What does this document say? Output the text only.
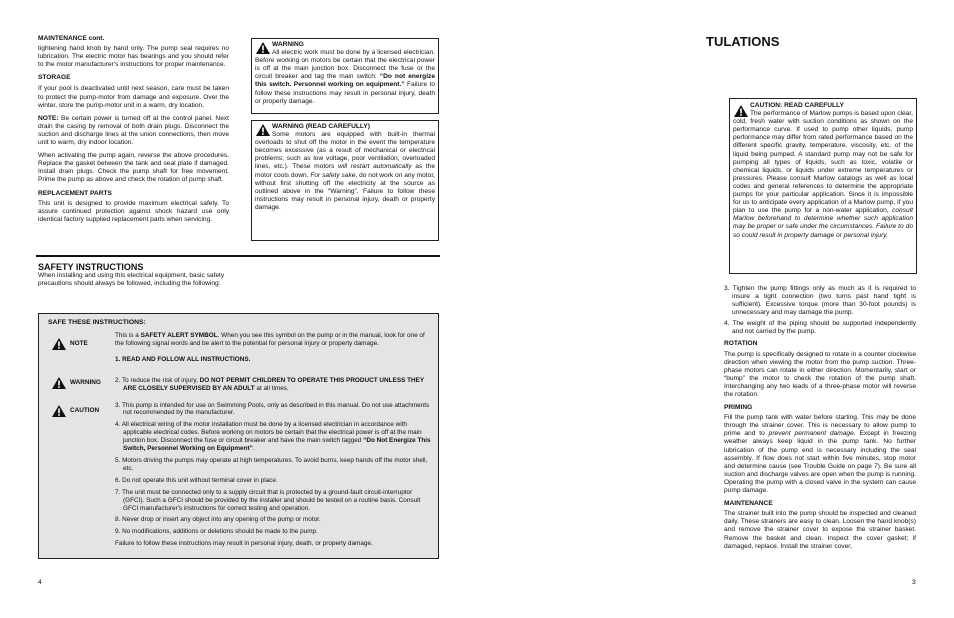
MAINTENANCE cont.

tightening hand knob by hand only. The pump seal requires no lubrication. The electric motor has bearings and you should refer to the motor manufacturer's instructions for proper maintenance.

STORAGE

If your pool is deactivated until next season, care must be taken to protect the pump-motor from damage and exposure. Over the winter, store the pump-motor unit in a warm, dry location.

NOTE: Be certain power is turned off at the control panel. Next drain the casing by removal of both drain plugs. Disconnect the suction and discharge lines at the union connections, then move unit to warm, dry indoor location.

When activating the pump again, reverse the above procedures. Replace the gasket between the tank and seal plate if damaged. Install drain plugs. Check the pump shaft for free movement. Prime the pump as above and check the rotation of pump shaft.

REPLACEMENT PARTS

This unit is designed to provide maximum electrical safety. To assure continued protection against shock hazard use only identical factory supplied replacement parts when servicing.

WARNING

All electric work must be done by a licensed electrician. Before working on motors be certain that the electrical power is off at the main junction box. Disconnect the fuse or the circuit breaker and tag the main switch: “Do not energize this switch. Personnel working on equipment.” Failure to follow these instructions may result in personal injury, death or property damage.

WARNING (READ CAREFULLY)

Some motors are equipped with built-in thermal overloads to shut off the motor in the event the temperature becomes excessive (as a result of mechanical or electrical problems; such as low voltage, poor ventilation, overloaded lines, etc.). These motors will restart automatically as the motor cools down. For safety sake, do not work on any motor, without first shutting off the electricity at the source as outlined above in the “Warning”. Failure to follow these instructions may result in personal injury, death or property damage.

SAFETY INSTRUCTIONS

When installing and using this electrical equipment, basic safety precautions should always be followed, including the following:

SAFE THESE INSTRUCTIONS:
NOTE
WARNING
CAUTION
This is a SAFETY ALERT SYMBOL. When you see this symbol on the pump or in the manual, look for one of the following signal words and be alert to the potential for personal injury or property damage.
1. READ AND FOLLOW ALL INSTRUCTIONS.
2. To reduce the risk of injury, DO NOT PERMIT CHILDREN TO OPERATE THIS PRODUCT UNLESS THEY ARE CLOSELY SUPERVISED BY AN ADULT at all times.
3. This pump is intended for use on Swimming Pools, only as described in this manual. Do not use attachments not recommended by the manufacturer.
4. All electrical wiring of the motor installation must be done by a licensed electrician in accordance with applicable electrical codes. Before working on motors be certain that the electrical power is off at the main junction box. Disconnect the fuse or circuit breaker and have the main switch tagged “Do Not Energize This Switch, Personnel Working on Equipment”.
5. Motors driving the pumps may operate at high temperatures. To avoid burns, keep hands off the motor shell, etc.
6. Do not operate this unit without terminal cover in place.
7. The unit must be connected only to a supply circuit that is protected by a ground-fault circuit-interruptor (GFCI). Such a GFCI should be provided by the installer and should be tested on a routine basis. Consult GFCI manufacturer's instructions for correct testing and operation.
8. Never drop or insert any object into any opening of the pump or motor.
9. No modifications, additions or deletions should be made to the pump.
Failure to follow these instructions may result in personal injury, death, or property damage.
4
TULATIONS
CAUTION: READ CAREFULLY

The performance of Marlow pumps is based upon clear, cold, fresh water with suction conditions as shown on the performance curve. If used to pump other liquids, pump performance may differ from rated performance based on the different specific gravity, temperature, viscosity, etc. of the liquid being pumped. A standard pump may not be safe for pumping all types of liquids, such as toxic, volatile or chemical liquids, or liquids under extreme temperatures or pressures. Please consult Marlow catalogs as well as local codes and general references to determine the appropriate pumps for your particular application. Since it is impossible for us to anticipate every application of a Marlow pump, if you plan to use the pump for a non-water application, consult Marlow beforehand to determine whether such application may be proper or safe under the circumstances. Failure to do so could result in property damage or personal injury.

3. Tighten the pump fittings only as much as it is required to insure a tight connection (two turns past hand tight is sufficient). Excessive torque (more than 30-foot pounds) is unnecessary and may damage the pump.

4. The weight of the piping should be supported independently and not carried by the pump.

ROTATION

The pump is specifically designed to rotate in a counter clockwise direction when viewing the motor from the pump suction. Three-phase motors can rotate in either direction. Momentarily, start or “bump” the motor to check the rotation of the pump shaft. Interchanging any two leads of a three-phase motor will reverse the rotation.

PRIMING

Fill the pump tank with water before starting. This may be done through the strainer cover. This is necessary to allow pump to prime and to prevent permanent damage. Except in freezing weather always keep liquid in the pump tank. No further lubrication of the pump end is necessary including the seal assembly. If flow does not start within five minutes, stop motor and determine cause (see Trouble Guide on page 7). Be sure all suction and discharge valves are open when the pump is running. Operating the pump with a closed valve in the system can cause pump damage.

MAINTENANCE

The strainer built into the pump should be inspected and cleaned daily. These strainers are easy to clean. Loosen the hand knob(s) and remove the strainer cover to expose the strainer basket. Remove the basket and clean. Inspect the cover gasket; if damaged, replace. Install the strainer cover,

3
